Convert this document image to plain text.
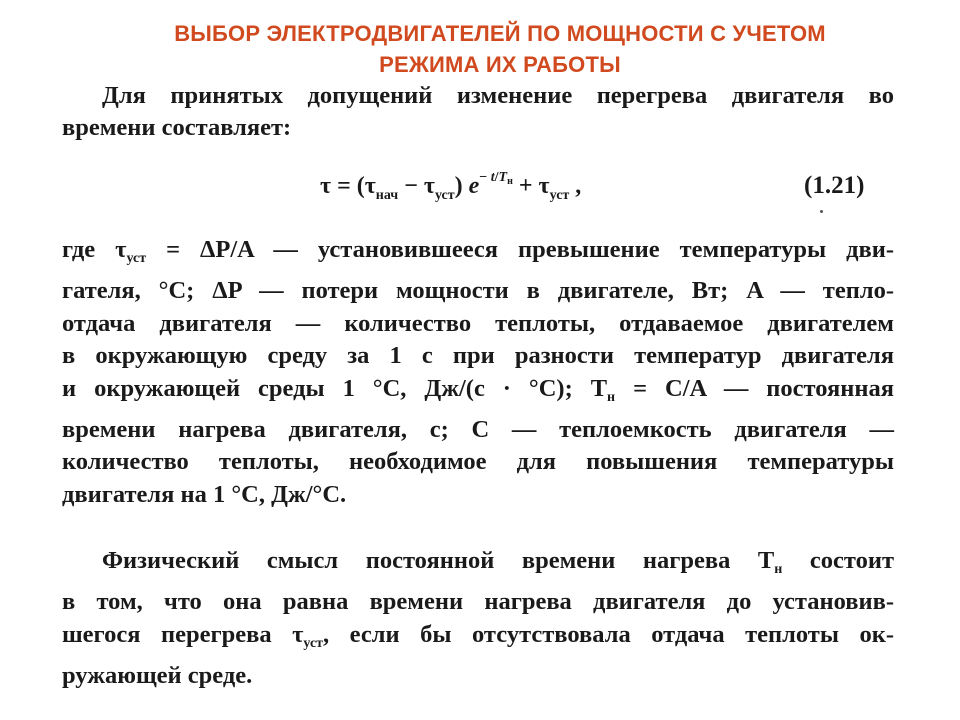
ВЫБОР ЭЛЕКТРОДВИГАТЕЛЕЙ ПО МОЩНОСТИ С УЧЕТОМ
РЕЖИМА ИХ РАБОТЫ
Для принятых допущений изменение перегрева двигателя во
времени составляет:
$\tau = (\tau_{нач} - \tau_{уст}) e^{- t/T_н} + \tau_{уст}$ ,	(1.21)
где $\tau_{уст} = \Delta P/A$ — установившееся превышение температуры дви-
гателя, °C; ΔP — потери мощности в двигателе, Вт; A — тепло-
отдача двигателя — количество теплоты, отдаваемое двигателем
в окружающую среду за 1 с при разности температур двигателя
и окружающей среды 1 °C, Дж/(с · °C); $T_н = C/A$ — постоянная
времени нагрева двигателя, с; C — теплоемкость двигателя —
количество теплоты, необходимое для повышения температуры
двигателя на 1 °C, Дж/°C.
Физический смысл постоянной времени нагрева $T_н$ состоит
в том, что она равна времени нагрева двигателя до установив-
шегося перегрева $\tau_{уст}$, если бы отсутствовала отдача теплоты ок-
ружающей среде.
